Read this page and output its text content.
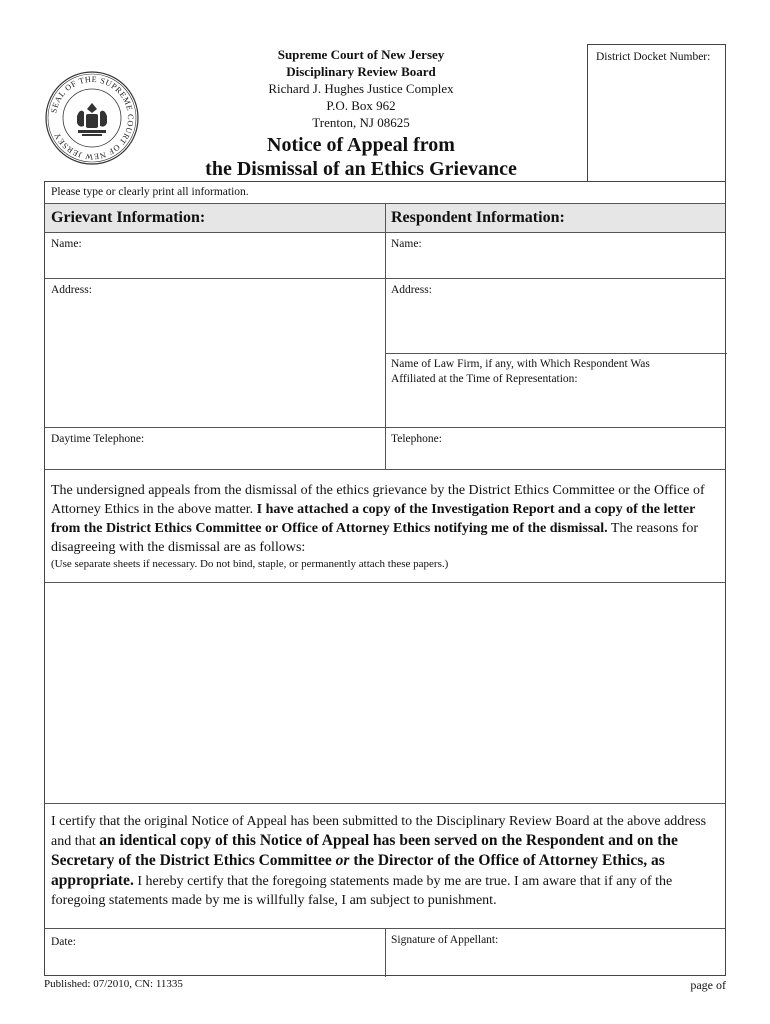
SEAL OF THE SUPREME COURT OF NEW JERSEY
Supreme Court of New Jersey
Disciplinary Review Board
Richard J. Hughes Justice Complex
P.O. Box 962
Trenton, NJ 08625
Notice of Appeal from
the Dismissal of an Ethics Grievance
District Docket Number:
Please type or clearly print all information.
Grievant Information:	Respondent Information:
Name:	Name:
Address:	Address:
Name of Law Firm, if any, with Which Respondent Was
Affiliated at the Time of Representation:
Daytime Telephone:	Telephone:
The undersigned appeals from the dismissal of the ethics grievance by the District Ethics Committee or the Office of Attorney Ethics in the above matter. I have attached a copy of the Investigation Report and a copy of the letter from the District Ethics Committee or Office of Attorney Ethics notifying me of the dismissal. The reasons for disagreeing with the dismissal are as follows:
(Use separate sheets if necessary. Do not bind, staple, or permanently attach these papers.)
I certify that the original Notice of Appeal has been submitted to the Disciplinary Review Board at the above address and that an identical copy of this Notice of Appeal has been served on the Respondent and on the Secretary of the District Ethics Committee or the Director of the Office of Attorney Ethics, as appropriate. I hereby certify that the foregoing statements made by me are true. I am aware that if any of the foregoing statements made by me is willfully false, I am subject to punishment.
Date:	Signature of Appellant:
Published: 07/2010, CN: 11335	page of
